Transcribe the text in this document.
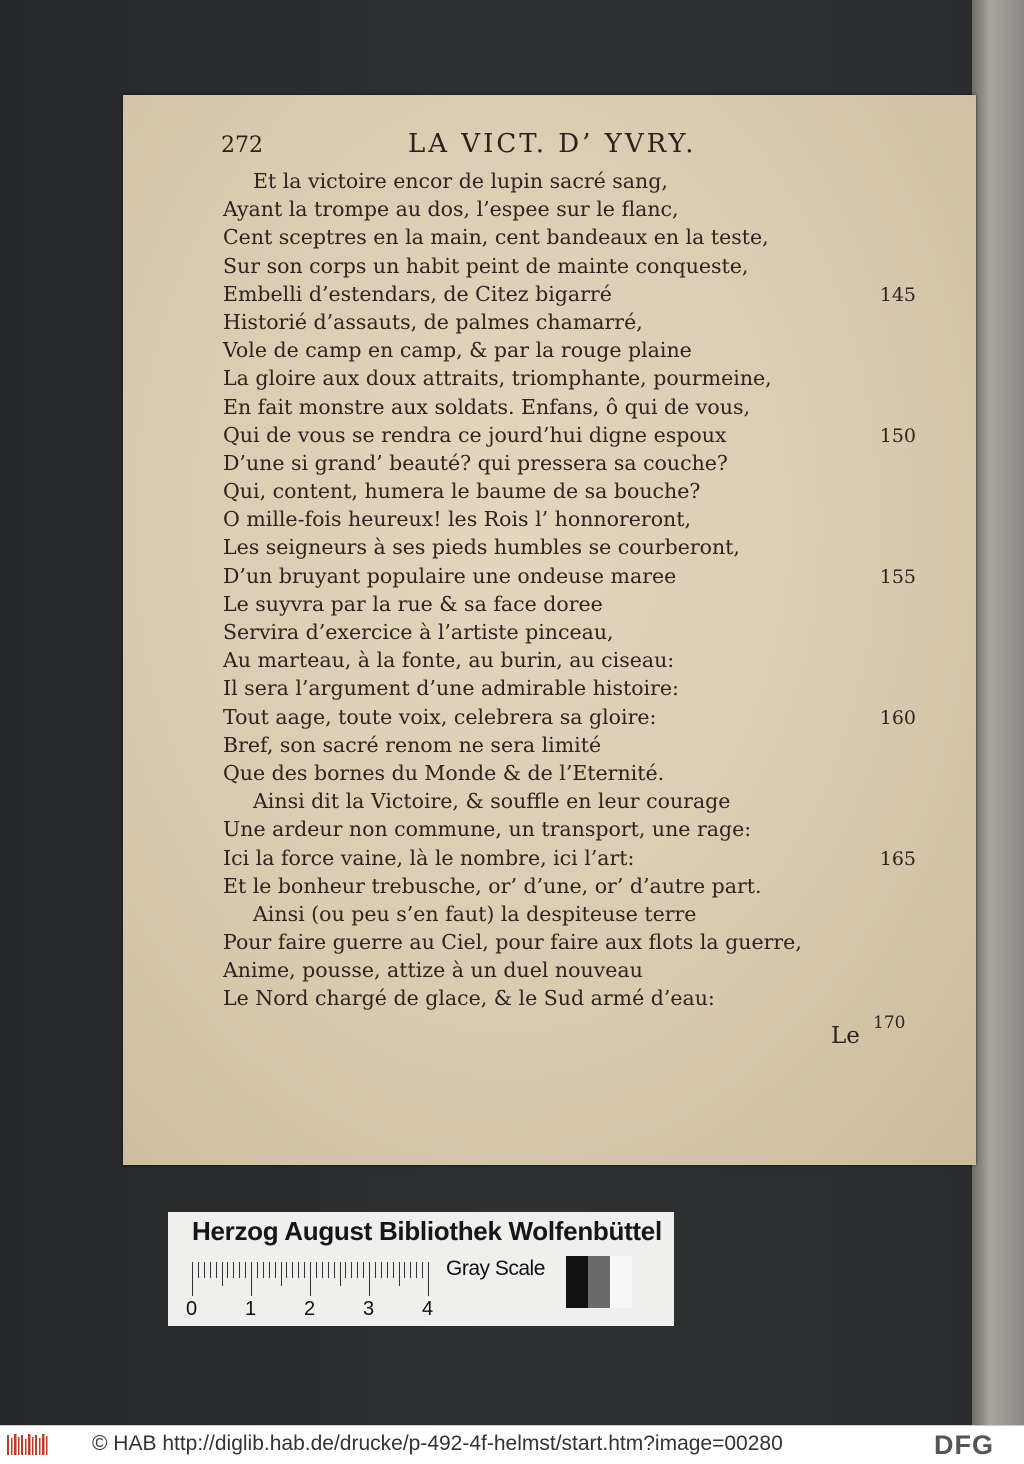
272	LA VICT. D’ YVRY.
Et la victoire encor de lupin sacré sang,
Ayant la trompe au dos, l’espee sur le flanc,
Cent sceptres en la main, cent bandeaux en la teste,
Sur son corps un habit peint de mainte conqueste,
Embelli d’estendars, de Citez bigarré
Historié d’assauts, de palmes chamarré,
Vole de camp en camp, & par la rouge plaine
La gloire aux doux attraits, triomphante, pourmeine,
En fait monstre aux soldats. Enfans, ô qui de vous,
Qui de vous se rendra ce jourd’hui digne espoux
D’une si grand’ beauté? qui pressera sa couche?
Qui, content, humera le baume de sa bouche?
O mille-fois heureux! les Rois l’ honnoreront,
Les seigneurs à ses pieds humbles se courberont,
D’un bruyant populaire une ondeuse maree
Le suyvra par la rue & sa face doree
Servira d’exercice à l’artiste pinceau,
Au marteau, à la fonte, au burin, au ciseau:
Il sera l’argument d’une admirable histoire:
Tout aage, toute voix, celebrera sa gloire:
Bref, son sacré renom ne sera limité
Que des bornes du Monde & de l’Eternité.
Ainsi dit la Victoire, & souffle en leur courage
Une ardeur non commune, un transport, une rage:
Ici la force vaine, là le nombre, ici l’art:
Et le bonheur trebusche, or’ d’une, or’ d’autre part.
Ainsi (ou peu s’en faut) la despiteuse terre
Pour faire guerre au Ciel, pour faire aux flots la guerre,
Anime, pousse, attize à un duel nouveau
Le Nord chargé de glace, & le Sud armé d’eau:
145
150
155
160
165
Le 170
Herzog August Bibliothek Wolfenbüttel
0 1 2 3 4
Gray Scale
© HAB http://diglib.hab.de/drucke/p-492-4f-helmst/start.htm?image=00280	DFG
